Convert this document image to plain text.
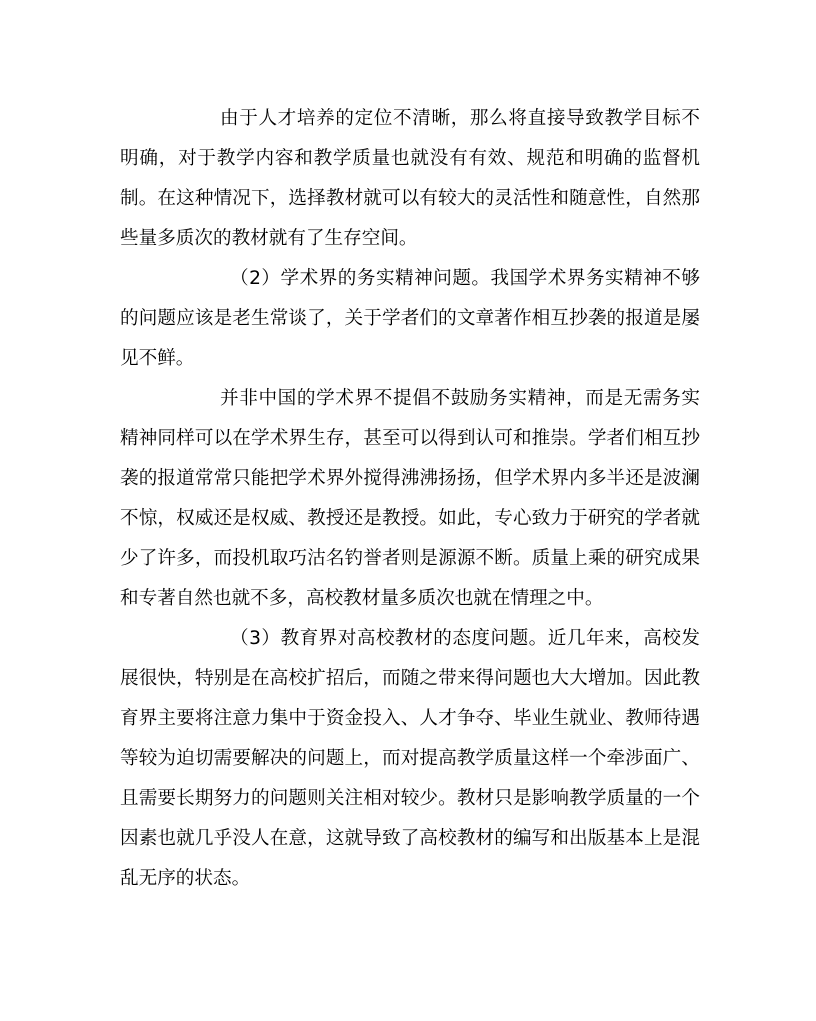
由于人才培养的定位不清晰，那么将直接导致教学目标不明确，对于教学内容和教学质量也就没有有效、规范和明确的监督机制。在这种情况下，选择教材就可以有较大的灵活性和随意性，自然那些量多质次的教材就有了生存空间。

（2）学术界的务实精神问题。我国学术界务实精神不够的问题应该是老生常谈了，关于学者们的文章著作相互抄袭的报道是屡见不鲜。

并非中国的学术界不提倡不鼓励务实精神，而是无需务实精神同样可以在学术界生存，甚至可以得到认可和推崇。学者们相互抄袭的报道常常只能把学术界外搅得沸沸扬扬，但学术界内多半还是波澜不惊，权威还是权威、教授还是教授。如此，专心致力于研究的学者就少了许多，而投机取巧沽名钓誉者则是源源不断。质量上乘的研究成果和专著自然也就不多，高校教材量多质次也就在情理之中。

（3）教育界对高校教材的态度问题。近几年来，高校发展很快，特别是在高校扩招后，而随之带来得问题也大大增加。因此教育界主要将注意力集中于资金投入、人才争夺、毕业生就业、教师待遇等较为迫切需要解决的问题上，而对提高教学质量这样一个牵涉面广、且需要长期努力的问题则关注相对较少。教材只是影响教学质量的一个因素也就几乎没人在意，这就导致了高校教材的编写和出版基本上是混乱无序的状态。
